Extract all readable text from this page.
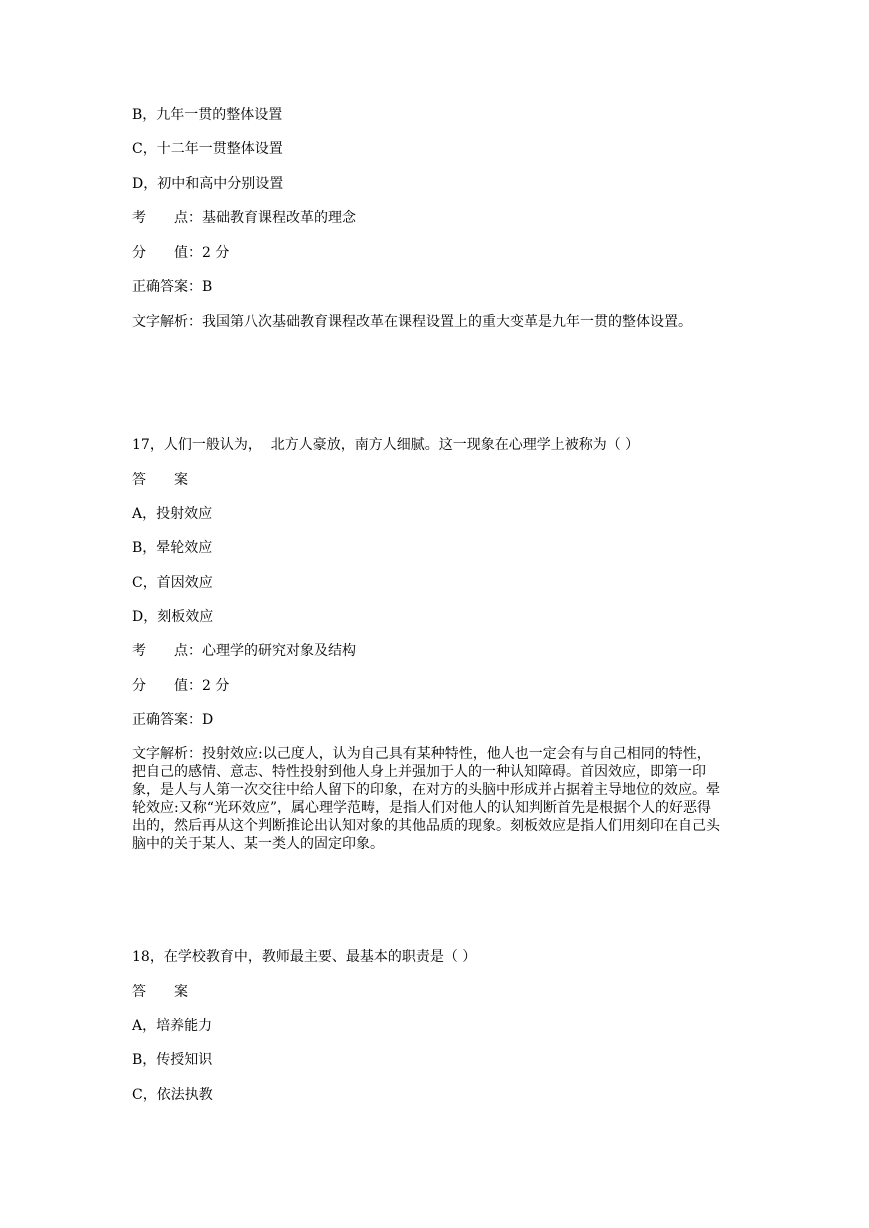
B，九年一贯的整体设置
C，十二年一贯整体设置
D，初中和高中分别设置
考　　点：基础教育课程改革的理念
分　　值：2 分
正确答案：B
文字解析：我国第八次基础教育课程改革在课程设置上的重大变革是九年一贯的整体设置。
17，人们一般认为，  北方人豪放，南方人细腻。这一现象在心理学上被称为（ ）
答　　案
A，投射效应
B，晕轮效应
C，首因效应
D，刻板效应
考　　点：心理学的研究对象及结构
分　　值：2 分
正确答案：D
文字解析：投射效应:以己度人，认为自己具有某种特性，他人也一定会有与自己相同的特性，把自己的感情、意志、特性投射到他人身上并强加于人的一种认知障碍。首因效应，即第一印象，是人与人第一次交往中给人留下的印象，在对方的头脑中形成并占据着主导地位的效应。晕轮效应:又称“光环效应”，属心理学范畴，是指人们对他人的认知判断首先是根据个人的好恶得出的，然后再从这个判断推论出认知对象的其他品质的现象。刻板效应是指人们用刻印在自己头脑中的关于某人、某一类人的固定印象。
18，在学校教育中，教师最主要、最基本的职责是（ ）
答　　案
A，培养能力
B，传授知识
C，依法执教
